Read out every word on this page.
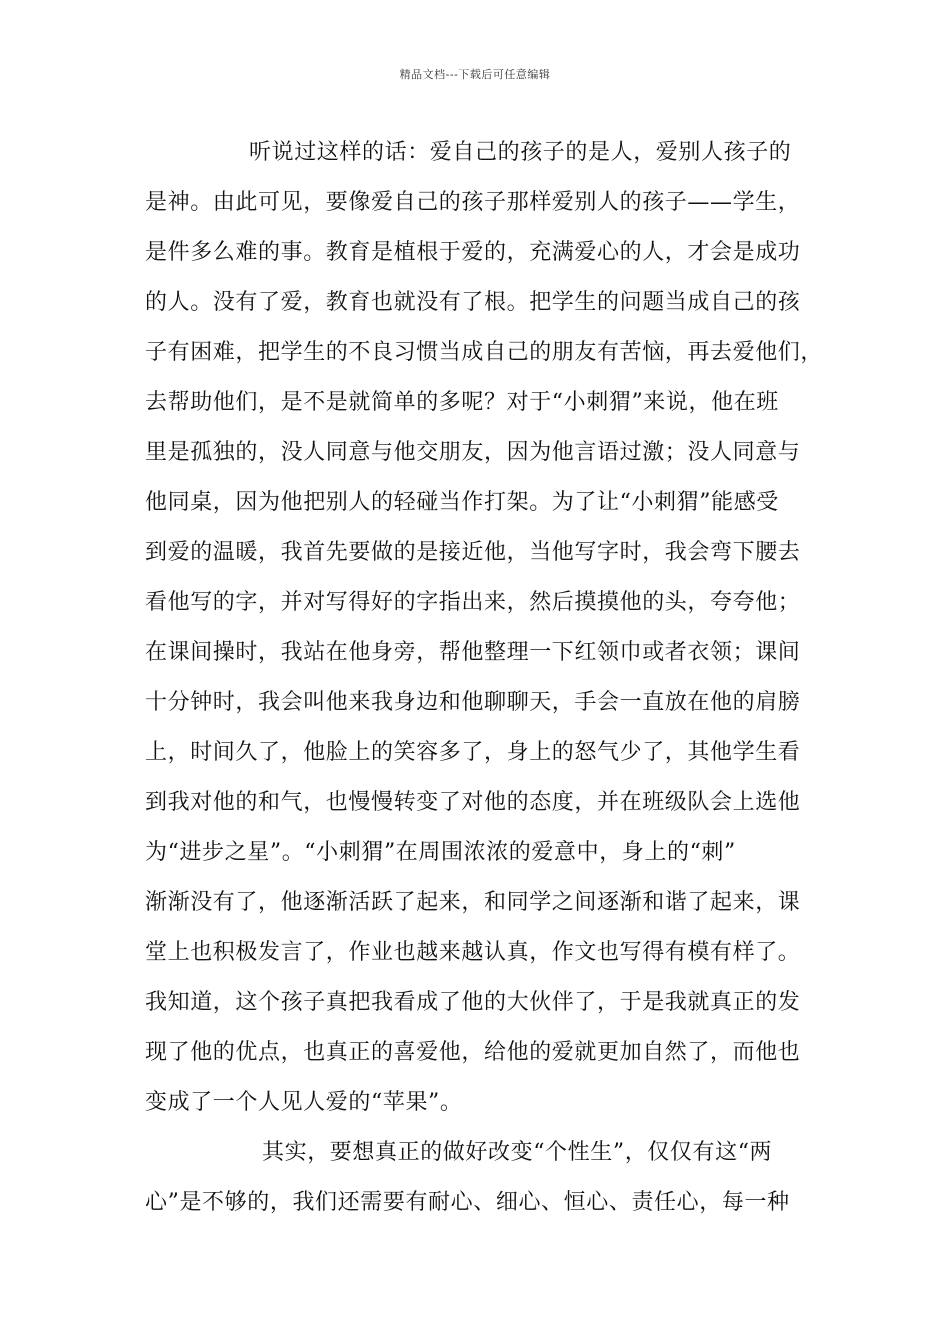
精品文档---下载后可任意编辑
听说过这样的话：爱自己的孩子的是人，爱别人孩子的
是神。由此可见，要像爱自己的孩子那样爱别人的孩子——学生，
是件多么难的事。教育是植根于爱的，充满爱心的人，才会是成功
的人。没有了爱，教育也就没有了根。把学生的问题当成自己的孩
子有困难，把学生的不良习惯当成自己的朋友有苦恼，再去爱他们，
去帮助他们，是不是就简单的多呢？对于“小刺猬”来说，他在班
里是孤独的，没人同意与他交朋友，因为他言语过激；没人同意与
他同桌，因为他把别人的轻碰当作打架。为了让“小刺猬”能感受
到爱的温暖，我首先要做的是接近他，当他写字时，我会弯下腰去
看他写的字，并对写得好的字指出来，然后摸摸他的头，夸夸他；
在课间操时，我站在他身旁，帮他整理一下红领巾或者衣领；课间
十分钟时，我会叫他来我身边和他聊聊天，手会一直放在他的肩膀
上，时间久了，他脸上的笑容多了，身上的怒气少了，其他学生看
到我对他的和气，也慢慢转变了对他的态度，并在班级队会上选他
为“进步之星”。“小刺猬”在周围浓浓的爱意中，身上的“刺”
渐渐没有了，他逐渐活跃了起来，和同学之间逐渐和谐了起来，课
堂上也积极发言了，作业也越来越认真，作文也写得有模有样了。
我知道，这个孩子真把我看成了他的大伙伴了，于是我就真正的发
现了他的优点，也真正的喜爱他，给他的爱就更加自然了，而他也
变成了一个人见人爱的“苹果”。
其实，要想真正的做好改变“个性生”，仅仅有这“两
心”是不够的，我们还需要有耐心、细心、恒心、责任心，每一种
